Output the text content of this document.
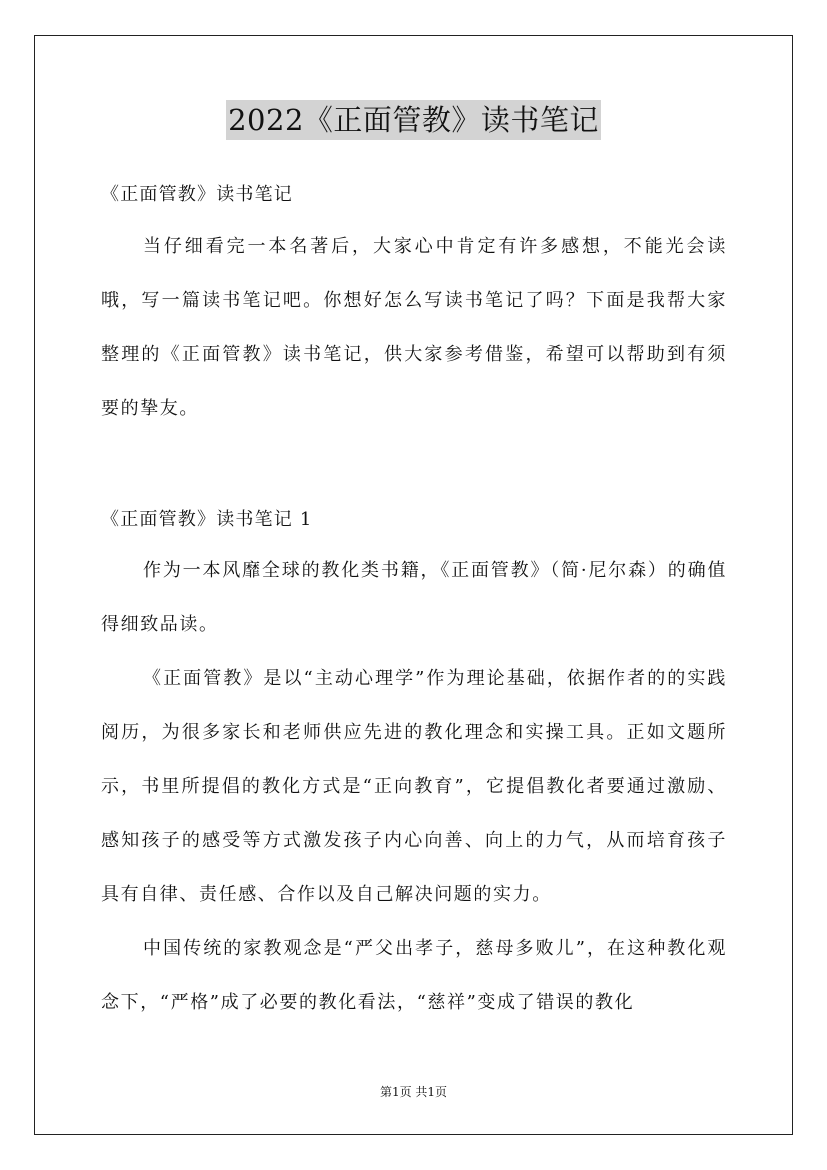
2022《正面管教》读书笔记

《正面管教》读书笔记

当仔细看完一本名著后，大家心中肯定有许多感想，不能光会读哦，写一篇读书笔记吧。你想好怎么写读书笔记了吗？下面是我帮大家整理的《正面管教》读书笔记，供大家参考借鉴，希望可以帮助到有须要的挚友。

《正面管教》读书笔记 1

作为一本风靡全球的教化类书籍，《正面管教》（简·尼尔森）的确值得细致品读。

《正面管教》是以“主动心理学”作为理论基础，依据作者的的实践阅历，为很多家长和老师供应先进的教化理念和实操工具。正如文题所示，书里所提倡的教化方式是“正向教育”，它提倡教化者要通过激励、感知孩子的感受等方式激发孩子内心向善、向上的力气，从而培育孩子具有自律、责任感、合作以及自己解决问题的实力。

中国传统的家教观念是“严父出孝子，慈母多败儿”，在这种教化观念下，“严格”成了必要的教化看法，“慈祥”变成了错误的教化

第1页 共1页
